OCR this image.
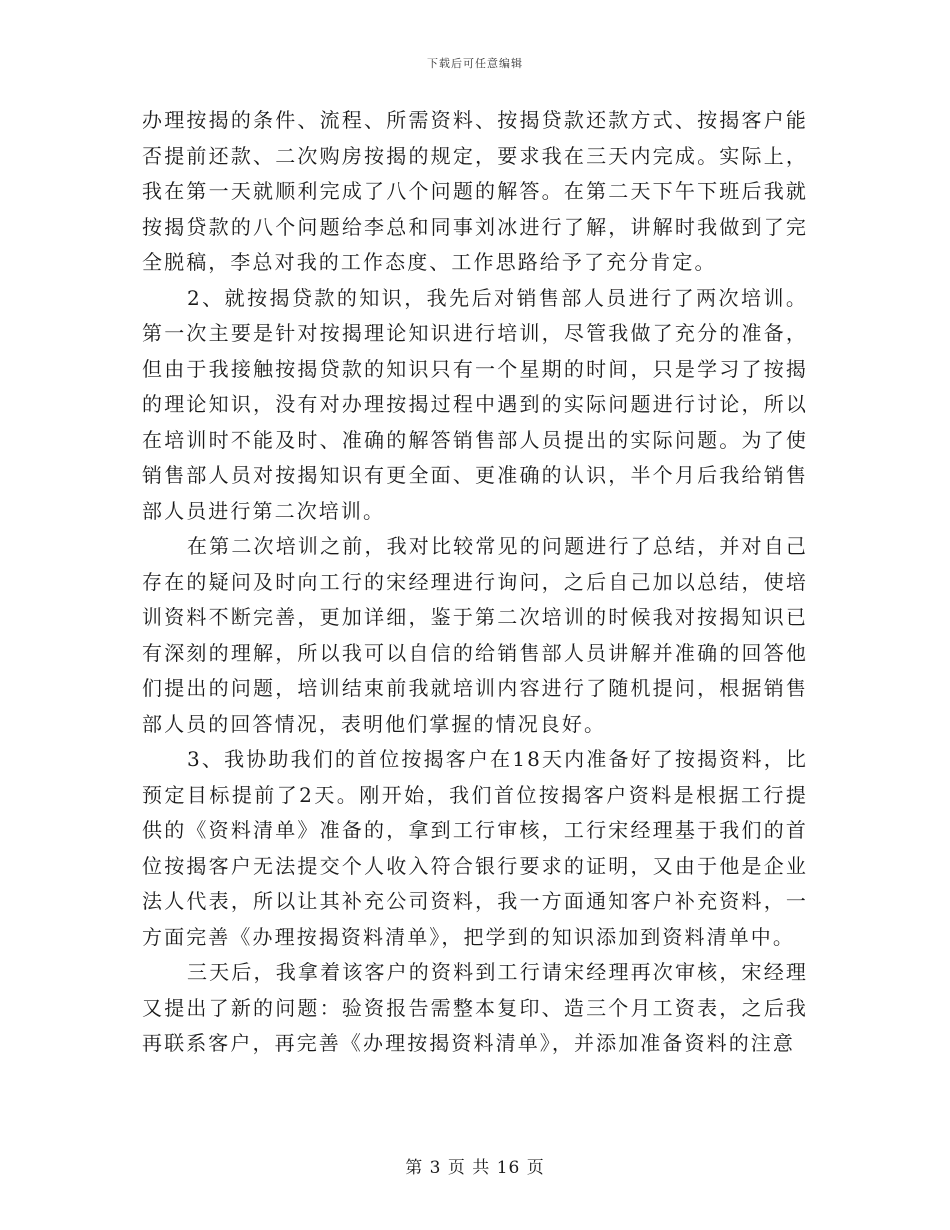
下载后可任意编辑

办理按揭的条件、流程、所需资料、按揭贷款还款方式、按揭客户能否提前还款、二次购房按揭的规定，要求我在三天内完成。实际上，我在第一天就顺利完成了八个问题的解答。在第二天下午下班后我就按揭贷款的八个问题给李总和同事刘冰进行了解，讲解时我做到了完全脱稿，李总对我的工作态度、工作思路给予了充分肯定。

2、就按揭贷款的知识，我先后对销售部人员进行了两次培训。第一次主要是针对按揭理论知识进行培训，尽管我做了充分的准备，但由于我接触按揭贷款的知识只有一个星期的时间，只是学习了按揭的理论知识，没有对办理按揭过程中遇到的实际问题进行讨论，所以在培训时不能及时、准确的解答销售部人员提出的实际问题。为了使销售部人员对按揭知识有更全面、更准确的认识，半个月后我给销售部人员进行第二次培训。

在第二次培训之前，我对比较常见的问题进行了总结，并对自己存在的疑问及时向工行的宋经理进行询问，之后自己加以总结，使培训资料不断完善，更加详细，鉴于第二次培训的时候我对按揭知识已有深刻的理解，所以我可以自信的给销售部人员讲解并准确的回答他们提出的问题，培训结束前我就培训内容进行了随机提问，根据销售部人员的回答情况，表明他们掌握的情况良好。

3、我协助我们的首位按揭客户在18天内准备好了按揭资料，比预定目标提前了2天。刚开始，我们首位按揭客户资料是根据工行提供的《资料清单》准备的，拿到工行审核，工行宋经理基于我们的首位按揭客户无法提交个人收入符合银行要求的证明，又由于他是企业法人代表，所以让其补充公司资料，我一方面通知客户补充资料，一方面完善《办理按揭资料清单》，把学到的知识添加到资料清单中。

三天后，我拿着该客户的资料到工行请宋经理再次审核，宋经理又提出了新的问题：验资报告需整本复印、造三个月工资表，之后我再联系客户，再完善《办理按揭资料清单》，并添加准备资料的注意

第 3 页 共 16 页
